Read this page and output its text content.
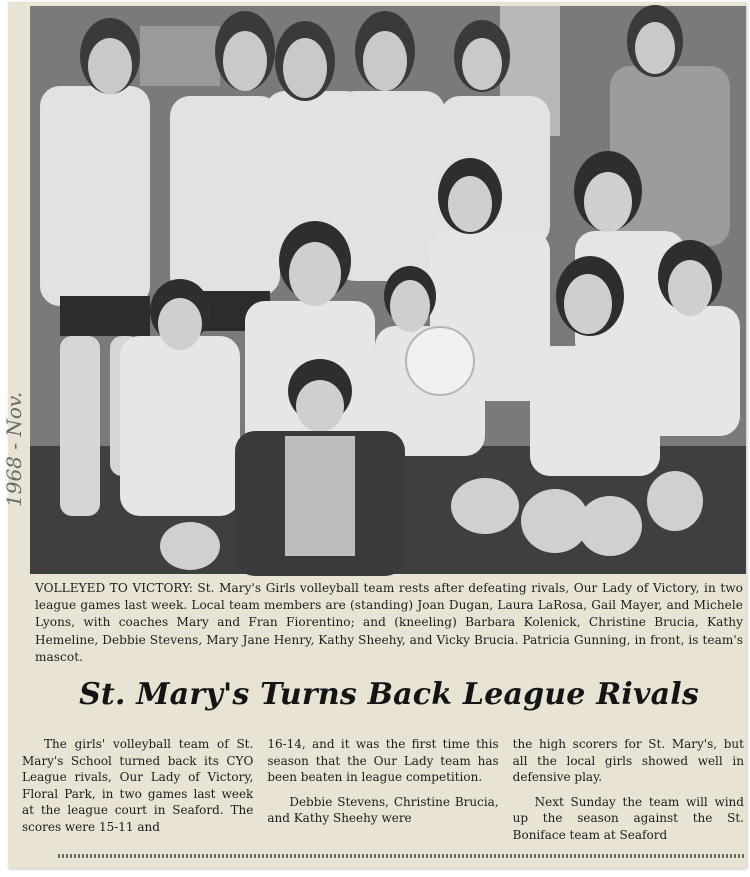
1968 - Nov.
VOLLEYED TO VICTORY: St. Mary's Girls volleyball team rests after defeating rivals, Our Lady of Victory, in two league games last week. Local team members are (standing) Joan Dugan, Laura LaRosa, Gail Mayer, and Michele Lyons, with coaches Mary and Fran Fiorentino; and (kneeling) Barbara Kolenick, Christine Brucia, Kathy Hemeline, Debbie Stevens, Mary Jane Henry, Kathy Sheehy, and Vicky Brucia. Patricia Gunning, in front, is team's mascot.
St. Mary's Turns Back League Rivals

The girls' volleyball team of St. Mary's School turned back its CYO League rivals, Our Lady of Victory, Floral Park, in two games last week at the league court in Seaford. The scores were 15-11 and

16-14, and it was the first time this season that the Our Lady team has been beaten in league competition.

Debbie Stevens, Christine Brucia, and Kathy Sheehy were

the high scorers for St. Mary's, but all the local girls showed well in defensive play.

Next Sunday the team will wind up the season against the St. Boniface team at Seaford
